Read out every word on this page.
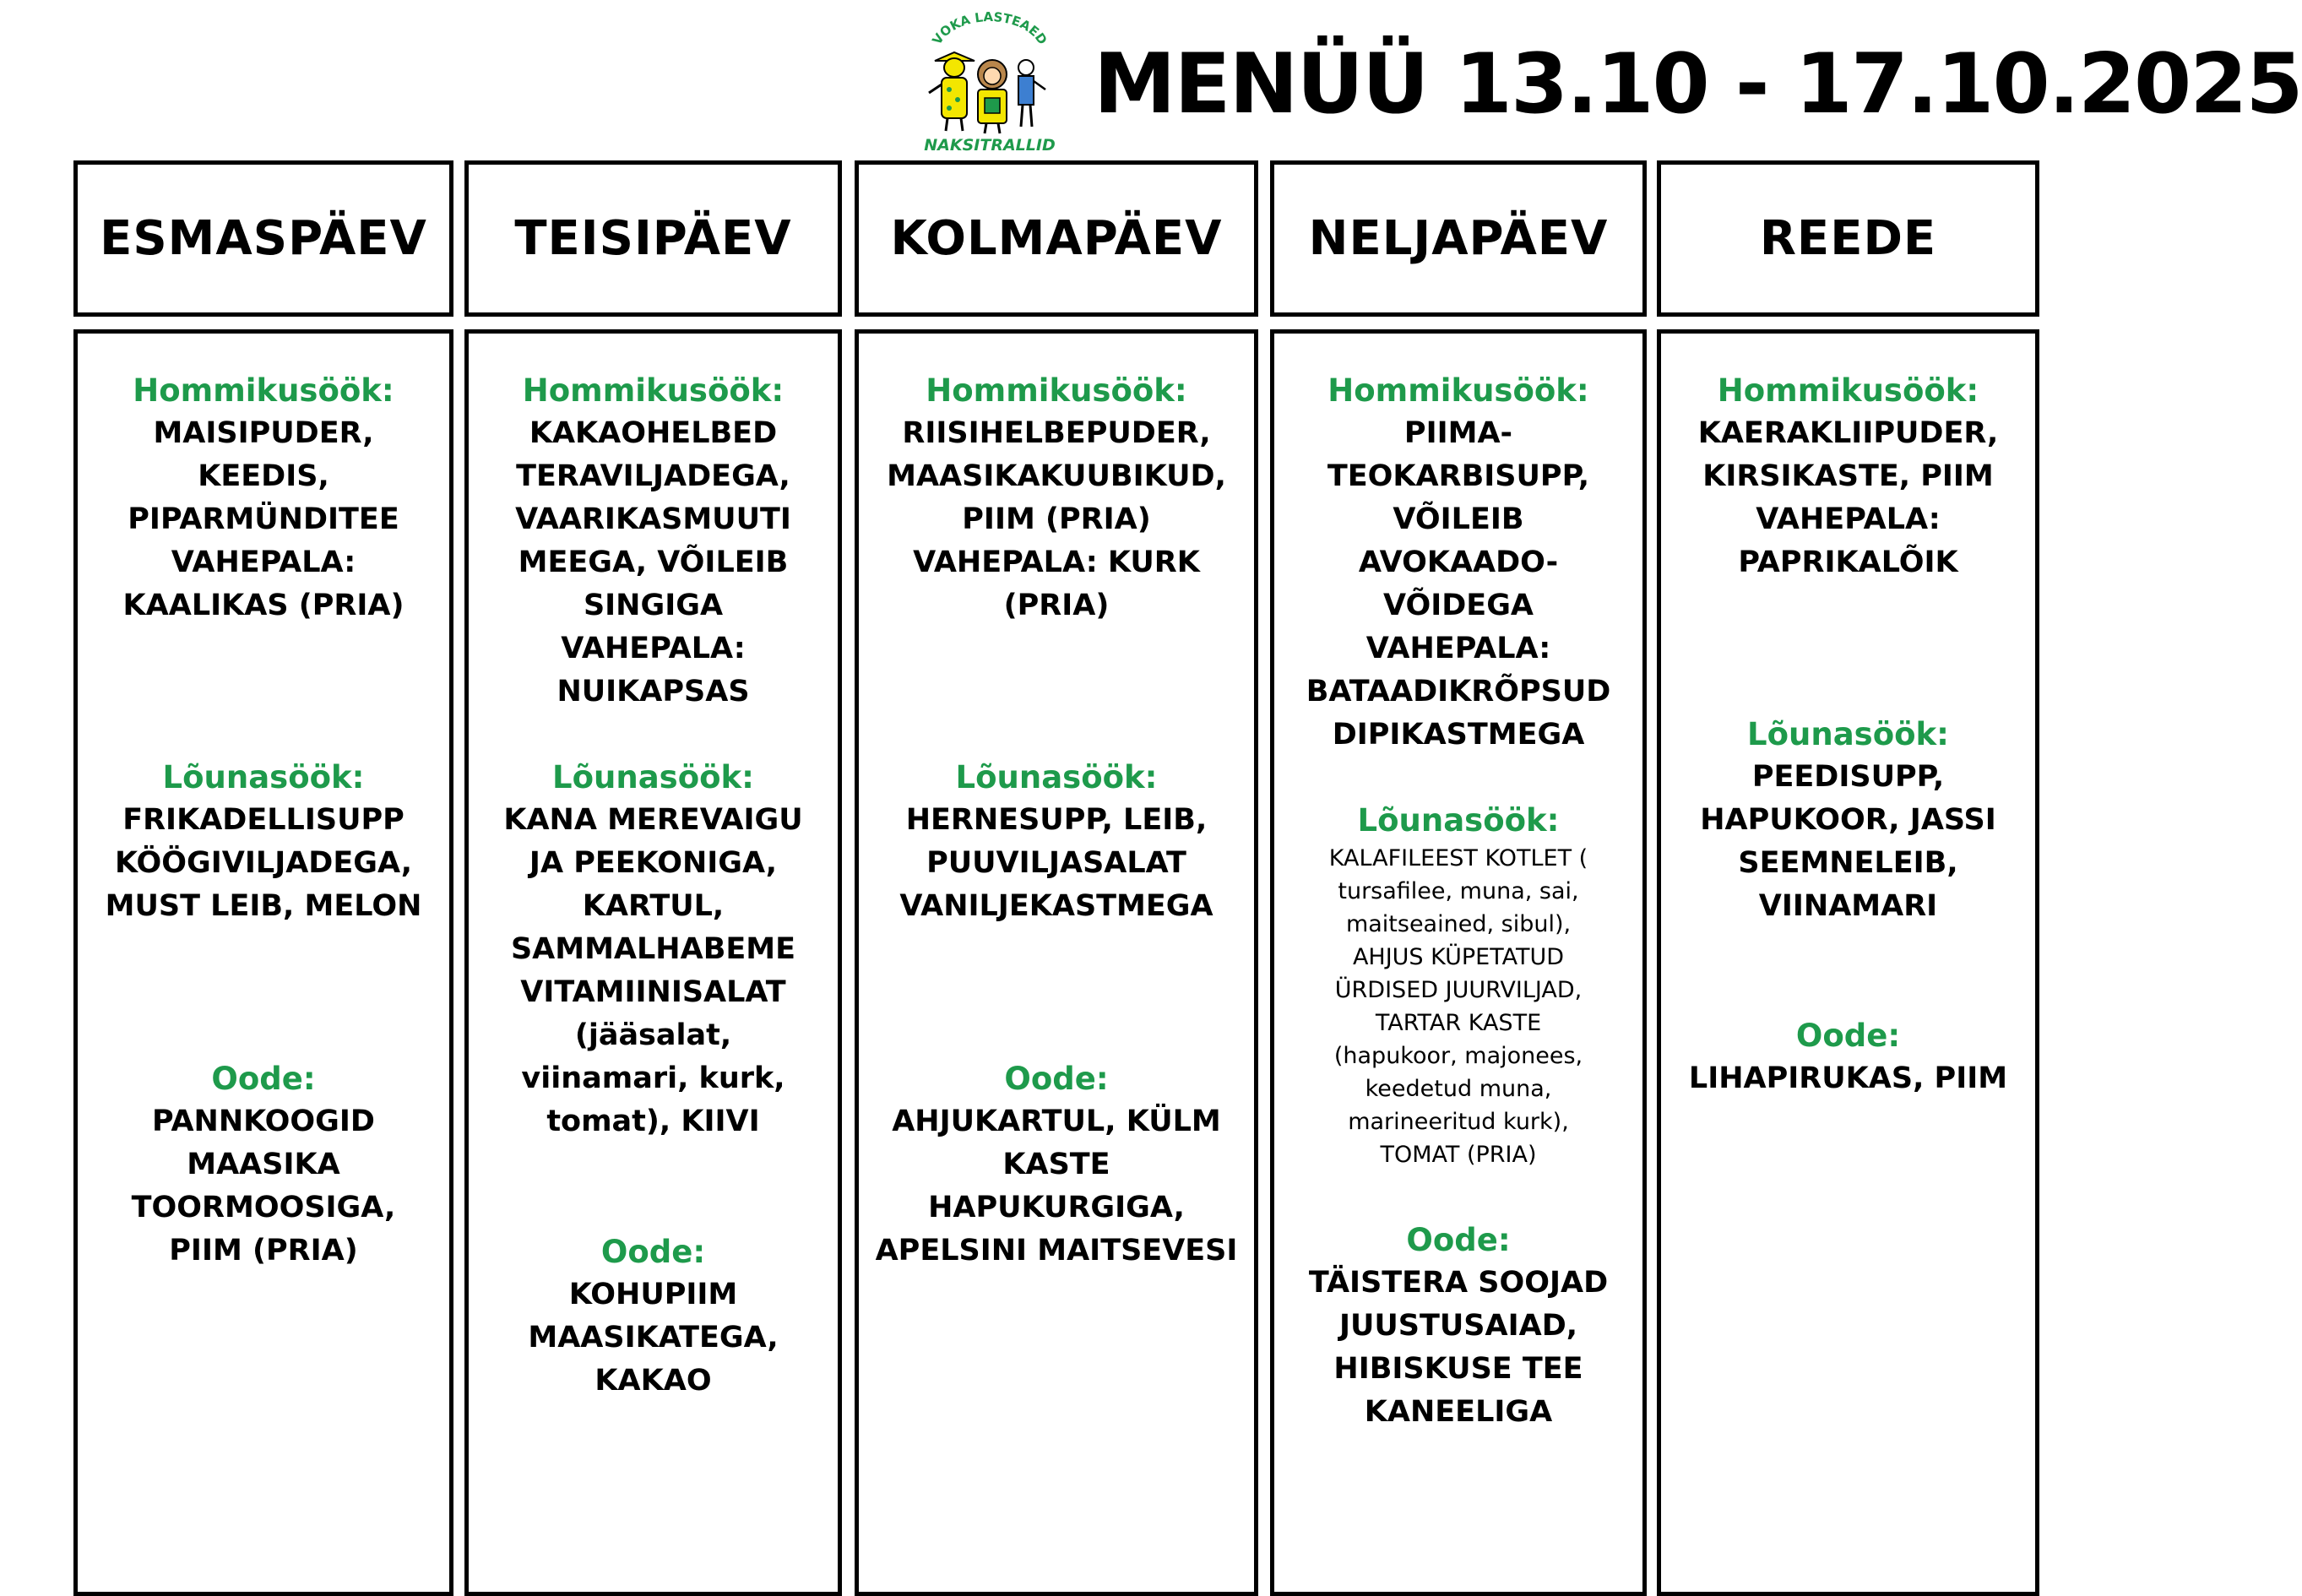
VOKA LASTEAED
NAKSITRALLID
MENÜÜ 13.10 - 17.10.2025
ESMASPÄEV
Hommikusöök:
MAISIPUDER,
KEEDIS,
PIPARMÜNDITEE
VAHEPALA:
KAALIKAS (PRIA)
Lõunasöök:
FRIKADELLISUPP
KÖÖGIVILJADEGA,
MUST LEIB, MELON
Oode:
PANNKOOGID
MAASIKA
TOORMOOSIGA,
PIIM (PRIA)
TEISIPÄEV
Hommikusöök:
KAKAOHELBED
TERAVILJADEGA,
VAARIKASMUUTI
MEEGA, VÕILEIB
SINGIGA
VAHEPALA:
NUIKAPSAS
Lõunasöök:
KANA MEREVAIGU
JA PEEKONIGA,
KARTUL,
SAMMALHABEME
VITAMIINISALAT
(jääsalat,
viinamari, kurk,
tomat), KIIVI
Oode:
KOHUPIIM
MAASIKATEGA,
KAKAO
KOLMAPÄEV
Hommikusöök:
RIISIHELBEPUDER,
MAASIKAKUUBIKUD,
PIIM (PRIA)
VAHEPALA: KURK
(PRIA)
Lõunasöök:
HERNESUPP, LEIB,
PUUVILJASALAT
VANILJEKASTMEGA
Oode:
AHJUKARTUL, KÜLM
KASTE
HAPUKURGIGA,
APELSINI MAITSEVESI
NELJAPÄEV
Hommikusöök:
PIIMA-
TEOKARBISUPP,
VÕILEIB
AVOKAADO-
VÕIDEGA
VAHEPALA:
BATAADIKRÕPSUD
DIPIKASTMEGA
Lõunasöök:
KALAFILEEST KOTLET (
tursafilee, muna, sai,
maitseained, sibul),
AHJUS KÜPETATUD
ÜRDISED JUURVILJAD,
TARTAR KASTE
(hapukoor, majonees,
keedetud muna,
marineeritud kurk),
TOMAT (PRIA)
Oode:
TÄISTERA SOOJAD
JUUSTUSAIAD,
HIBISKUSE TEE
KANEELIGA
REEDE
Hommikusöök:
KAERAKLIIPUDER,
KIRSIKASTE, PIIM
VAHEPALA:
PAPRIKALÕIK
Lõunasöök:
PEEDISUPP,
HAPUKOOR, JASSI
SEEMNELEIB,
VIINAMARI
Oode:
LIHAPIRUKAS, PIIM
